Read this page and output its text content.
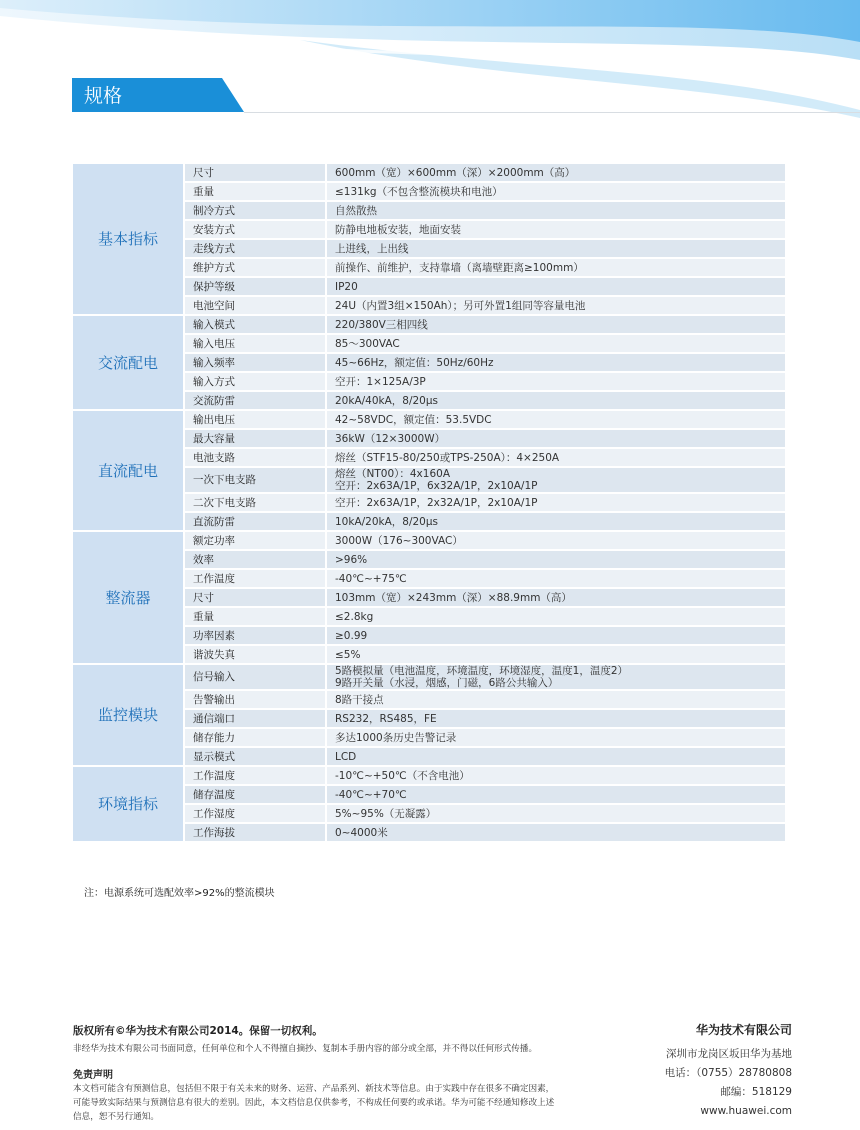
规格
基本指标	尺寸	600mm（宽）×600mm（深）×2000mm（高）

	重量	≤131kg（不包含整流模块和电池）

	制冷方式	自然散热

	安装方式	防静电地板安装，地面安装

	走线方式	上进线，上出线

	维护方式	前操作、前维护，支持靠墙（离墙壁距离≥100mm）

	保护等级	IP20

	电池空间	24U（内置3组×150Ah）；另可外置1组同等容量电池

交流配电	输入模式	220/380V三相四线

	输入电压	85～300VAC

	输入频率	45~66Hz，额定值：50Hz/60Hz

	输入方式	空开：1×125A/3P

	交流防雷	20kA/40kA，8/20μs

直流配电	输出电压	42~58VDC，额定值：53.5VDC

	最大容量	36kW（12×3000W）

	电池支路	熔丝（STF15-80/250或TPS-250A）：4×250A

	一次下电支路	熔丝（NT00）：4x160A
空开：2x63A/1P，6x32A/1P，2x10A/1P

	二次下电支路	空开：2x63A/1P，2x32A/1P，2x10A/1P

	直流防雷	10kA/20kA，8/20μs

整流器	额定功率	3000W（176~300VAC）

	效率	>96%

	工作温度	-40℃~+75℃

	尺寸	103mm（宽）×243mm（深）×88.9mm（高）

	重量	≤2.8kg

	功率因素	≥0.99

	谐波失真	≤5%

监控模块	信号输入	5路模拟量（电池温度，环境温度，环境湿度，温度1，温度2）
9路开关量（水浸，烟感，门磁，6路公共输入）

	告警输出	8路干接点

	通信端口	RS232，RS485，FE

	储存能力	多达1000条历史告警记录

	显示模式	LCD

环境指标	工作温度	-10℃~+50℃（不含电池）

	储存温度	-40℃~+70℃

	工作湿度	5%~95%（无凝露）

	工作海拔	0~4000米
注：电源系统可选配效率>92%的整流模块
版权所有©华为技术有限公司2014。保留一切权利。
非经华为技术有限公司书面同意，任何单位和个人不得擅自摘抄、复制本手册内容的部分或全部，并不得以任何形式传播。
免责声明
本文档可能含有预测信息，包括但不限于有关未来的财务、运营、产品系列、新技术等信息。由于实践中存在很多不确定因素，
可能导致实际结果与预测信息有很大的差别。因此，本文档信息仅供参考，不构成任何要约或承诺。华为可能不经通知修改上述
信息，恕不另行通知。
华为技术有限公司
深圳市龙岗区坂田华为基地
电话：（0755）28780808
邮编：518129
www.huawei.com
